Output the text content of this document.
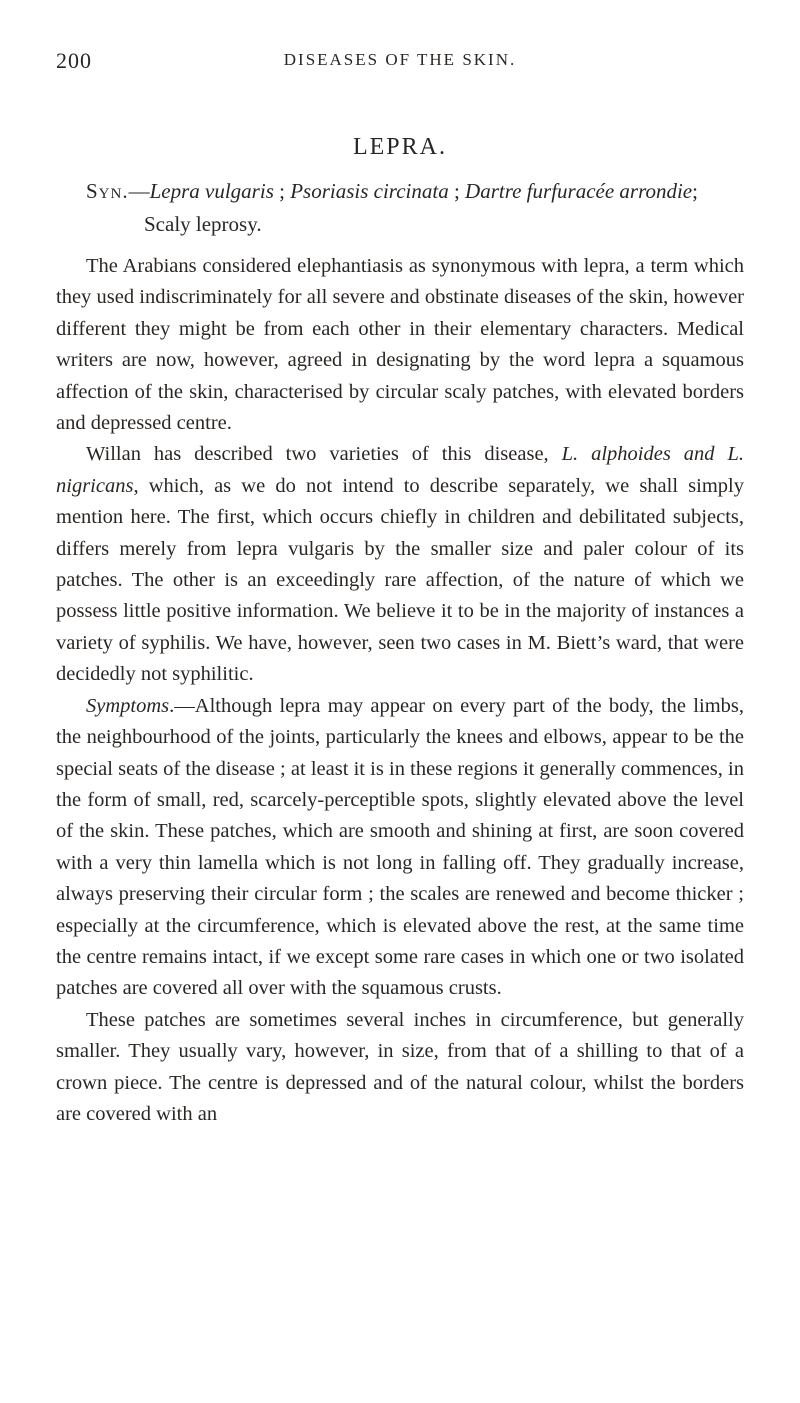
200	DISEASES OF THE SKIN.
LEPRA.

Syn.—Lepra vulgaris ; Psoriasis circinata ; Dartre furfuracée arrondie; Scaly leprosy.

The Arabians considered elephantiasis as synonymous with lepra, a term which they used indiscriminately for all severe and obstinate diseases of the skin, however different they might be from each other in their elementary characters. Medical writers are now, however, agreed in designating by the word lepra a squamous affection of the skin, characterised by circular scaly patches, with elevated borders and depressed centre.

Willan has described two varieties of this disease, L. alphoides and L. nigricans, which, as we do not intend to describe separately, we shall simply mention here. The first, which occurs chiefly in children and debilitated subjects, differs merely from lepra vulgaris by the smaller size and paler colour of its patches. The other is an exceedingly rare affection, of the nature of which we possess little positive information. We believe it to be in the majority of instances a variety of syphilis. We have, however, seen two cases in M. Biett’s ward, that were decidedly not syphilitic.

Symptoms.—Although lepra may appear on every part of the body, the limbs, the neighbourhood of the joints, particularly the knees and elbows, appear to be the special seats of the disease ; at least it is in these regions it generally commences, in the form of small, red, scarcely-perceptible spots, slightly elevated above the level of the skin. These patches, which are smooth and shining at first, are soon covered with a very thin lamella which is not long in falling off. They gradually increase, always preserving their circular form ; the scales are renewed and become thicker ; especially at the circumference, which is elevated above the rest, at the same time the centre remains intact, if we except some rare cases in which one or two isolated patches are covered all over with the squamous crusts.

These patches are sometimes several inches in circumference, but generally smaller. They usually vary, however, in size, from that of a shilling to that of a crown piece. The centre is depressed and of the natural colour, whilst the borders are covered with an
